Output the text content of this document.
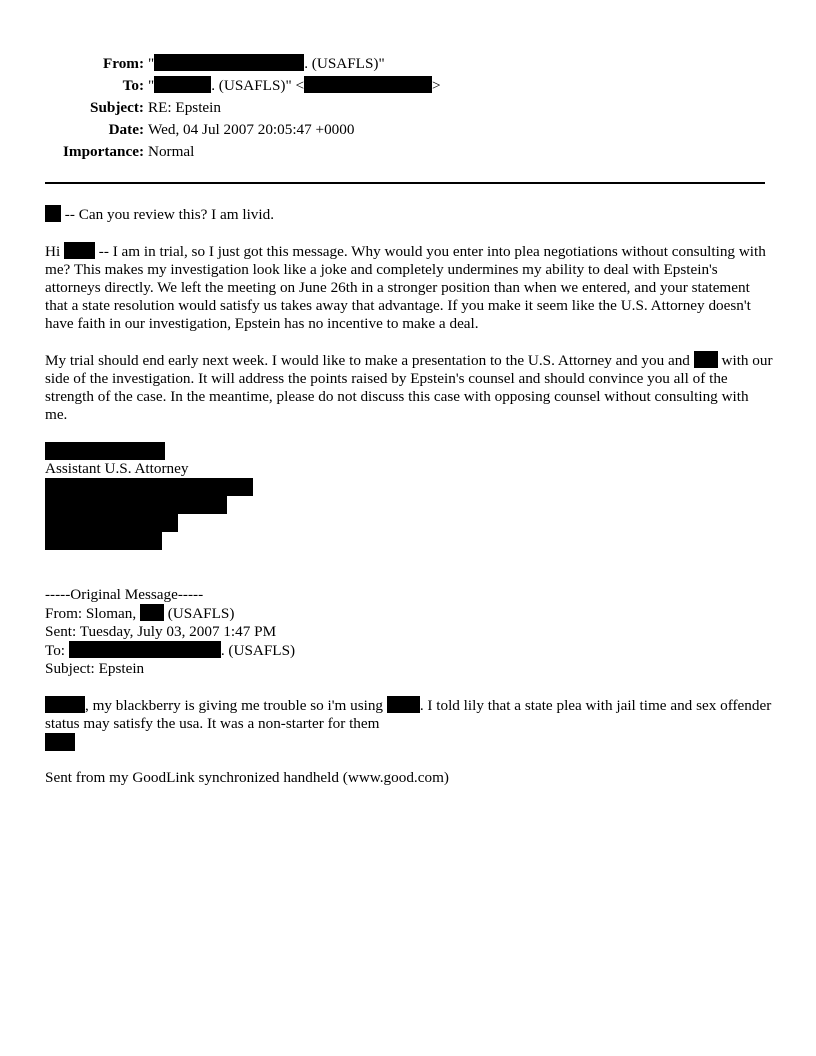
From: "	. (USAFLS)"
To: "	. (USAFLS)" <	>
Subject: RE: Epstein
Date: Wed, 04 Jul 2007 20:05:47 +0000
Importance: Normal

-- Can you review this? I am livid.

Hi  -- I am in trial, so I just got this message. Why would you enter into plea negotiations without consulting with me? This makes my investigation look like a joke and completely undermines my ability to deal with Epstein's attorneys directly. We left the meeting on June 26th in a stronger position than when we entered, and your statement that a state resolution would satisfy us takes away that advantage. If you make it seem like the U.S. Attorney doesn't have faith in our investigation, Epstein has no incentive to make a deal.

My trial should end early next week. I would like to make a presentation to the U.S. Attorney and you and  with our side of the investigation. It will address the points raised by Epstein's counsel and should convince you all of the strength of the case. In the meantime, please do not discuss this case with opposing counsel without consulting with me.

Assistant U.S. Attorney

-----Original Message-----

From: Sloman,  (USAFLS)

Sent: Tuesday, July 03, 2007 1:47 PM

To:	. (USAFLS)

Subject: Epstein

, my blackberry is giving me trouble so i'm using . I told lily that a state plea with jail time and sex offender status may satisfy the usa. It was a non-starter for them

Sent from my GoodLink synchronized handheld (www.good.com)
